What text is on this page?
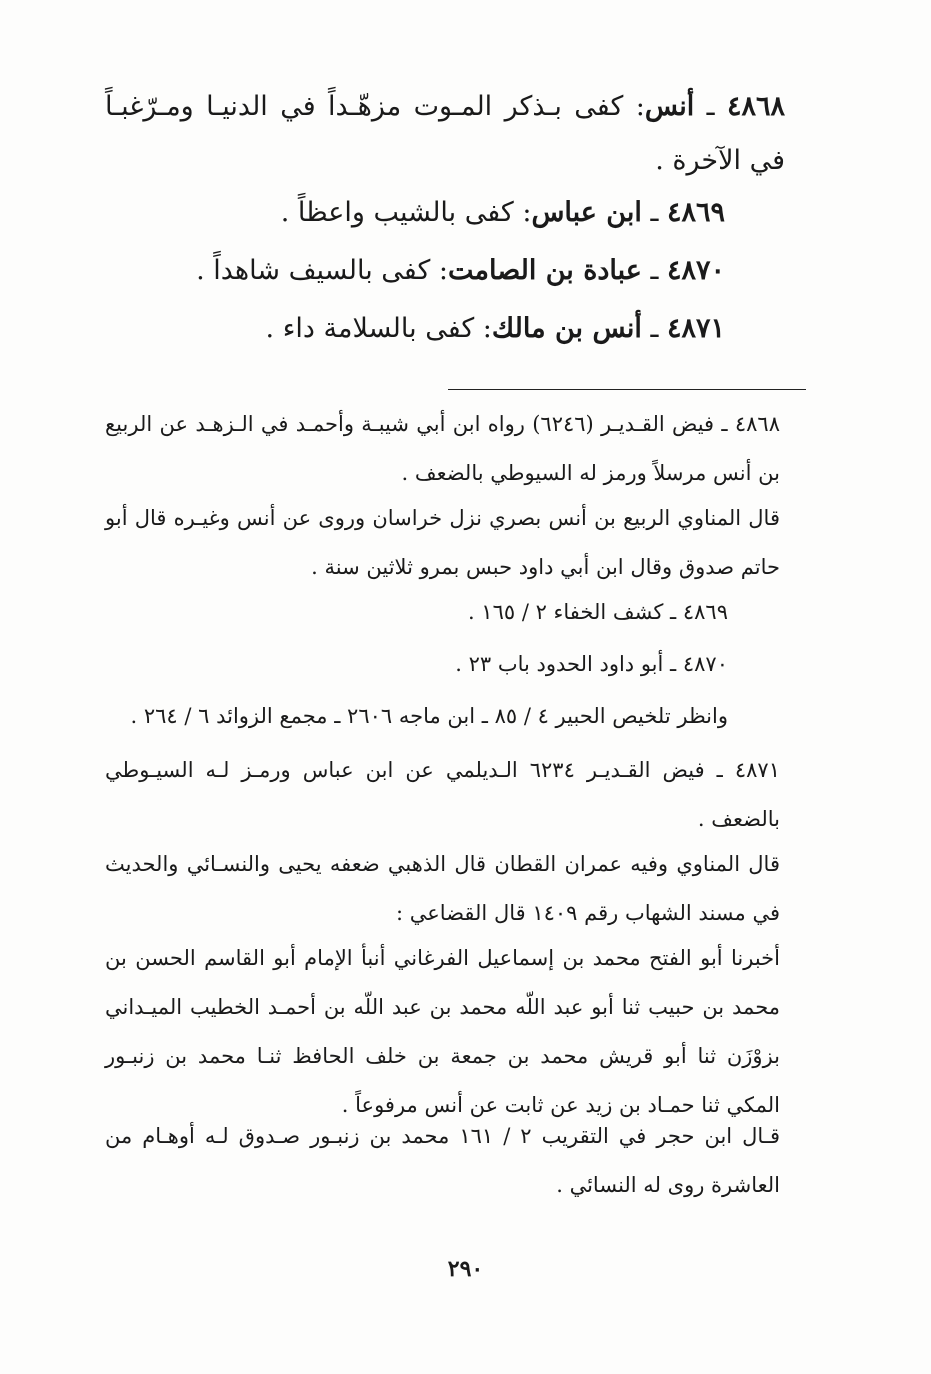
٤٨٦٨ ـ أنس: كفى بـذكر المـوت مزهّـداً في الدنيـا ومـرّغبـاً في الآخرة .

٤٨٦٩ ـ ابن عباس: كفى بالشيب واعظاً .

٤٨٧٠ ـ عبادة بن الصامت: كفى بالسيف شاهداً .

٤٨٧١ ـ أنس بن مالك: كفى بالسلامة داء .

٤٨٦٨ ـ فيض القـديـر (٦٢٤٦) رواه ابن أبي شيبـة وأحمـد في الـزهـد عن الربيع بن أنس مرسلاً ورمز له السيوطي بالضعف .

قال المناوي الربيع بن أنس بصري نزل خراسان وروى عن أنس وغيـره قال أبو حاتم صدوق وقال ابن أبي داود حبس بمرو ثلاثين سنة .

٤٨٦٩ ـ كشف الخفاء ٢ / ١٦٥ .

٤٨٧٠ ـ أبو داود الحدود باب ٢٣ .

وانظر تلخيص الحبير ٤ / ٨٥ ـ ابن ماجه ٢٦٠٦ ـ مجمع الزوائد ٦ / ٢٦٤ .

٤٨٧١ ـ فيض القـديـر ٦٢٣٤ الـديلمي عن ابن عباس ورمـز لـه السيـوطي بالضعف .

قال المناوي وفيه عمران القطان قال الذهبي ضعفه يحيى والنسـائي والحديث في مسند الشهاب رقم ١٤٠٩ قال القضاعي :

أخبرنا أبو الفتح محمد بن إسماعيل الفرغاني أنبأ الإمام أبو القاسم الحسن بن محمد بن حبيب ثنا أبو عبد اللّه محمد بن عبد اللّه بن أحمـد الخطيب الميـداني بزوْزَن ثنا أبو قريش محمد بن جمعة بن خلف الحافظ ثنـا محمد بن زنبـور المكي ثنا حمـاد بن زيد عن ثابت عن أنس مرفوعاً .

قـال ابن حجر في التقريب ٢ / ١٦١ محمد بن زنبـور صـدوق لـه أوهـام من العاشرة روى له النسائي .

٢٩٠
